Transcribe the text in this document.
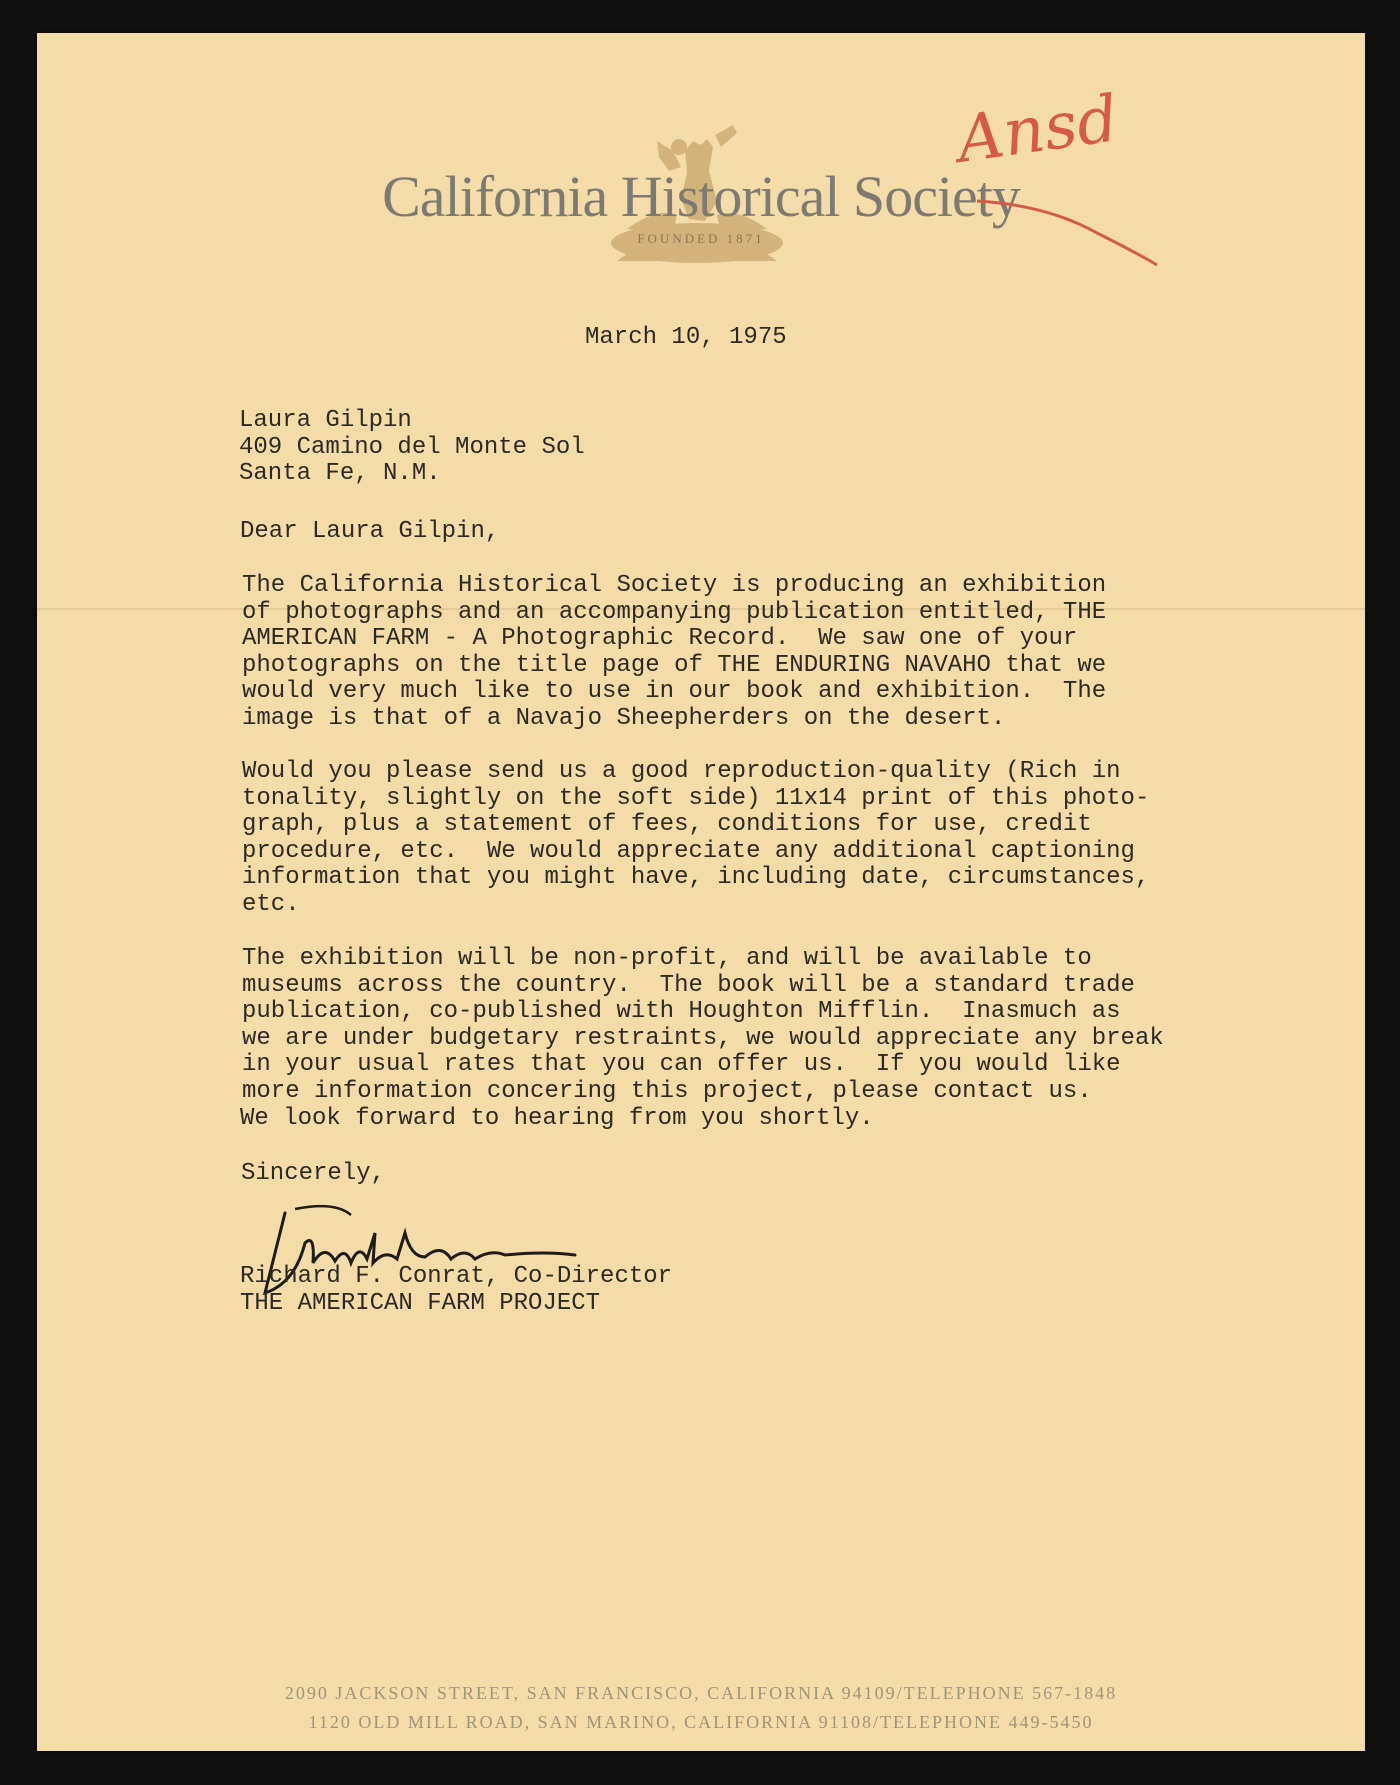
California Historical Society
FOUNDED 1871
Ansd
March 10, 1975
Laura Gilpin
409 Camino del Monte Sol
Santa Fe, N.M.
Dear Laura Gilpin,
The California Historical Society is producing an exhibition
of photographs and an accompanying publication entitled, THE
AMERICAN FARM - A Photographic Record.  We saw one of your
photographs on the title page of THE ENDURING NAVAHO that we
would very much like to use in our book and exhibition.  The
image is that of a Navajo Sheepherders on the desert.
Would you please send us a good reproduction-quality (Rich in
tonality, slightly on the soft side) 11x14 print of this photo-
graph, plus a statement of fees, conditions for use, credit
procedure, etc.  We would appreciate any additional captioning
information that you might have, including date, circumstances,
etc.
The exhibition will be non-profit, and will be available to
museums across the country.  The book will be a standard trade
publication, co-published with Houghton Mifflin.  Inasmuch as
we are under budgetary restraints, we would appreciate any break
in your usual rates that you can offer us.  If you would like
more information concering this project, please contact us.
We look forward to hearing from you shortly.
Sincerely,
Richard F. Conrat, Co-Director
THE AMERICAN FARM PROJECT
2090 JACKSON STREET, SAN FRANCISCO, CALIFORNIA 94109/TELEPHONE 567-1848
1120 OLD MILL ROAD, SAN MARINO, CALIFORNIA 91108/TELEPHONE 449-5450
